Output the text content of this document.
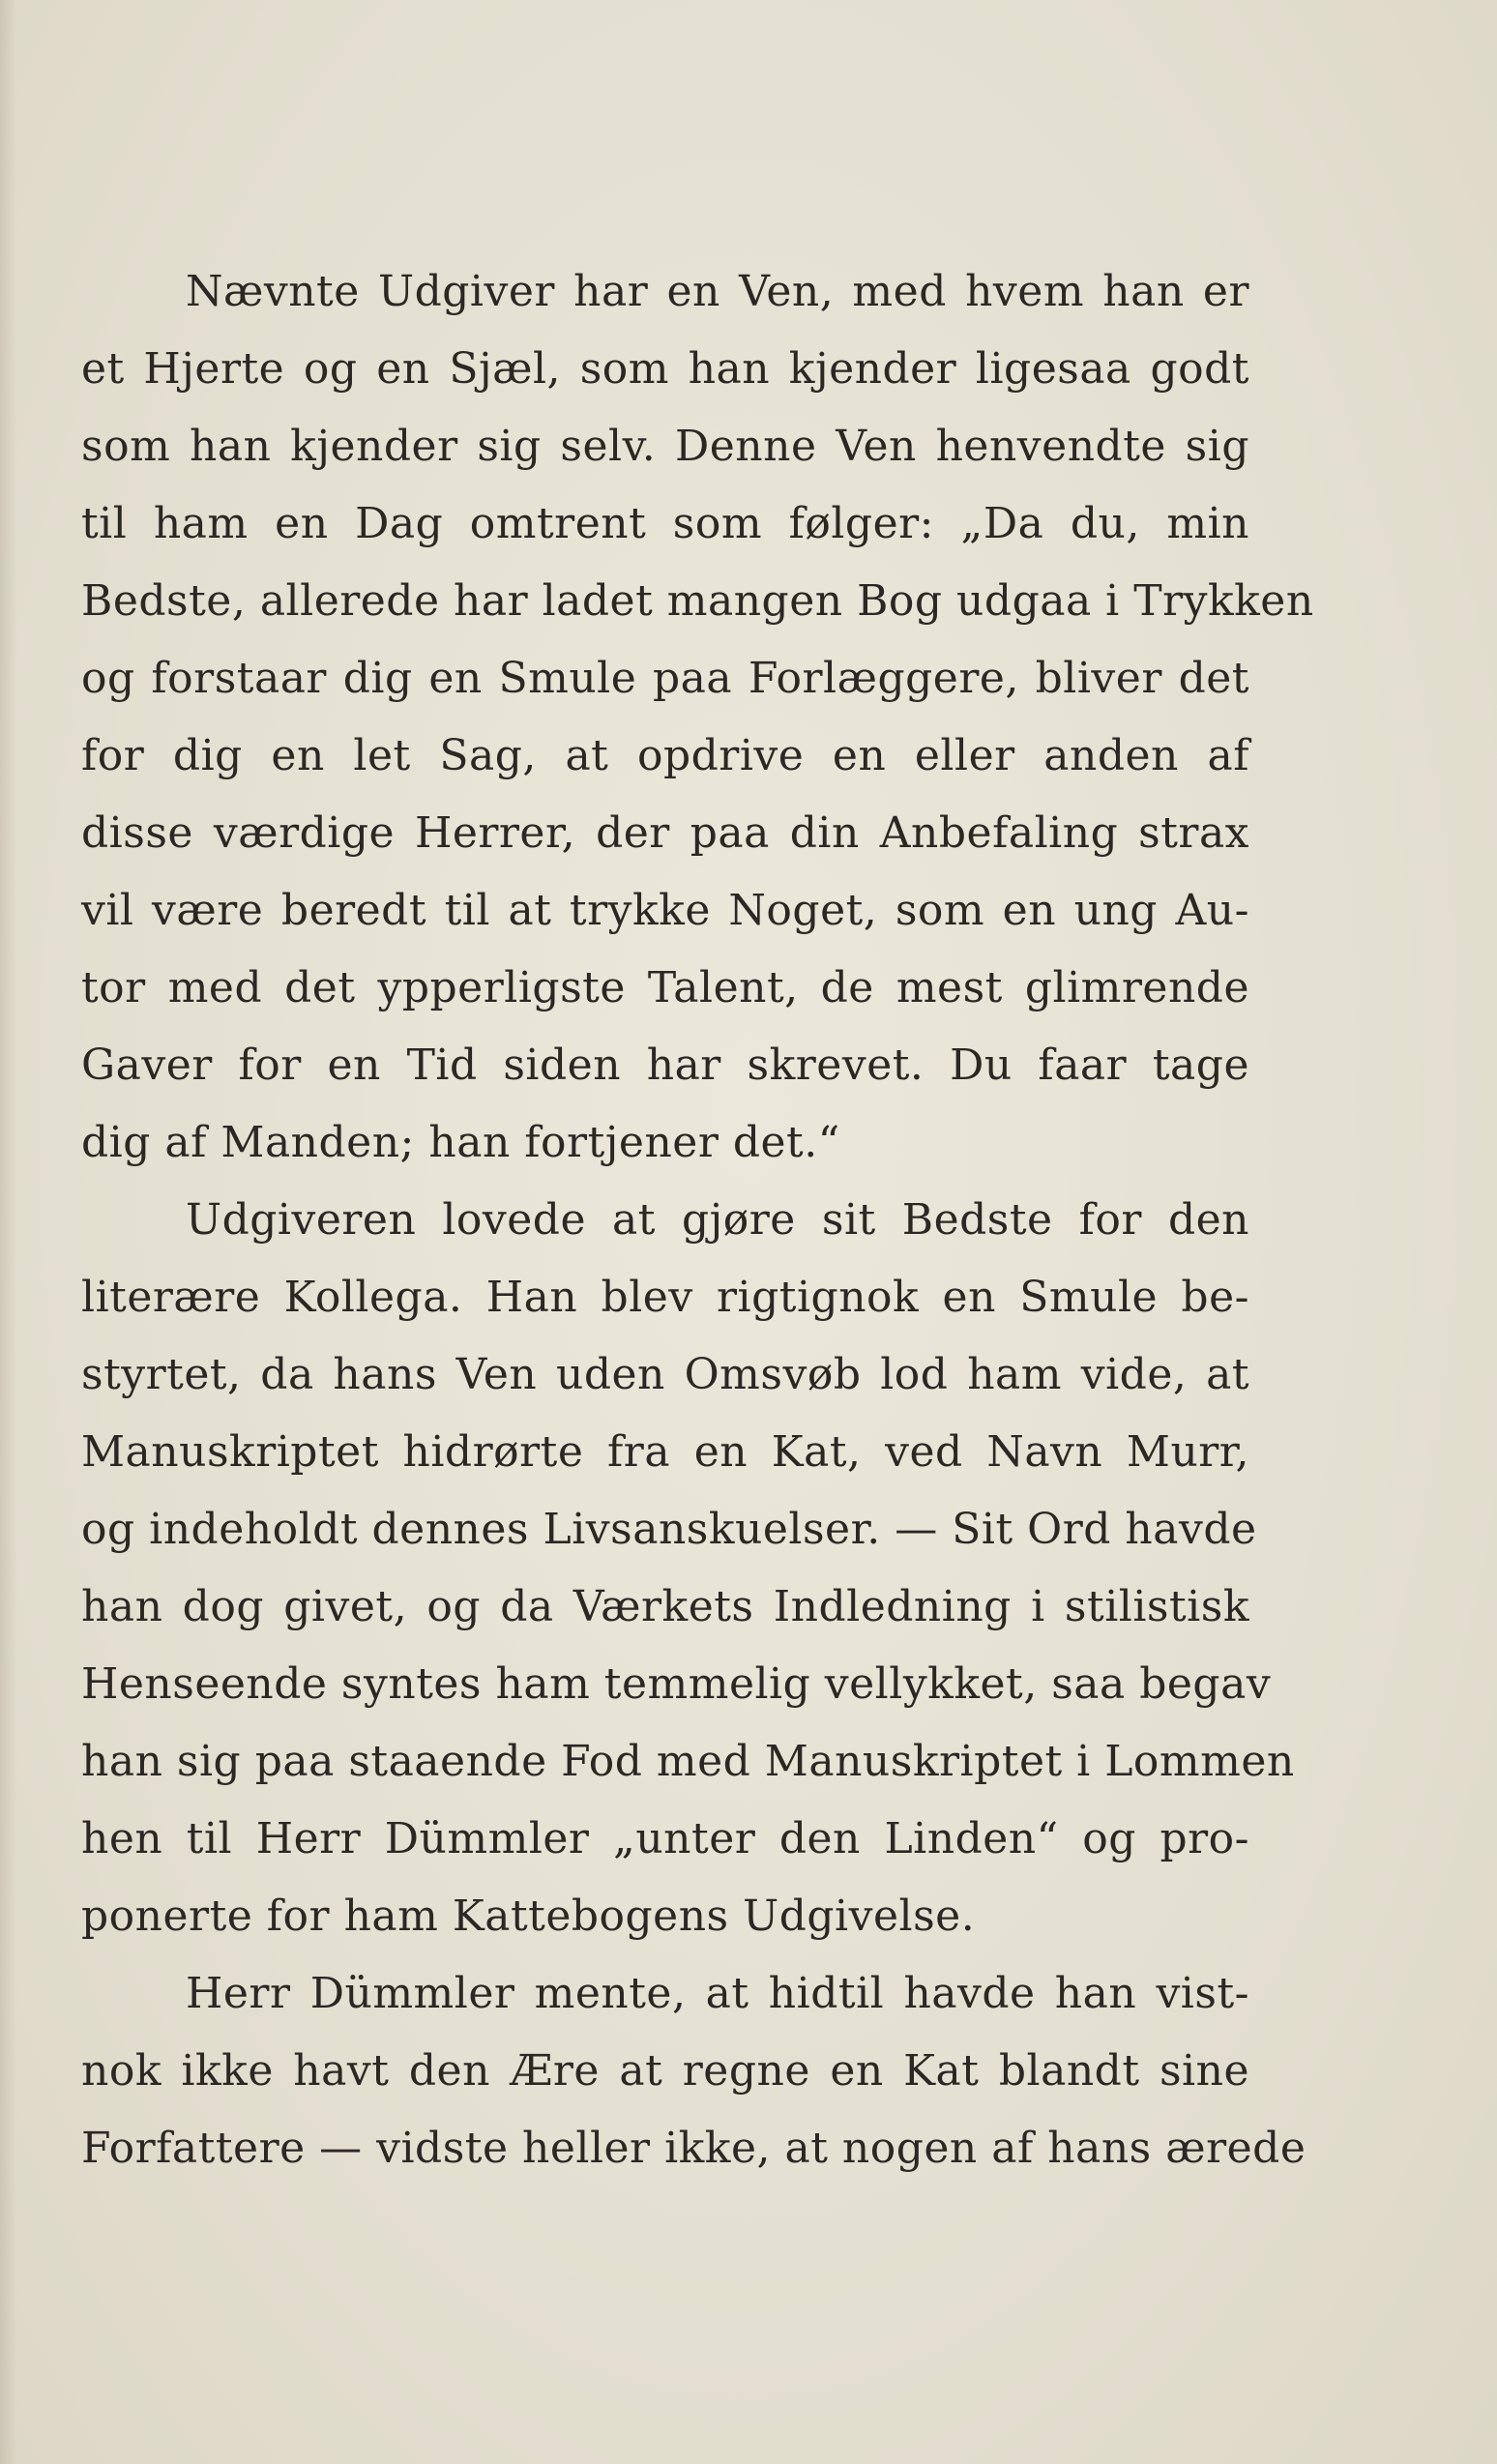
Nævnte Udgiver har en Ven, med hvem han er
et Hjerte og en Sjæl, som han kjender ligesaa godt
som han kjender sig selv. Denne Ven henvendte sig
til ham en Dag omtrent som følger: „Da du, min
Bedste, allerede har ladet mangen Bog udgaa i Trykken
og forstaar dig en Smule paa Forlæggere, bliver det
for dig en let Sag, at opdrive en eller anden af
disse værdige Herrer, der paa din Anbefaling strax
vil være beredt til at trykke Noget, som en ung Au-
tor med det ypperligste Talent, de mest glimrende
Gaver for en Tid siden har skrevet. Du faar tage
dig af Manden; han fortjener det.“
Udgiveren lovede at gjøre sit Bedste for den
literære Kollega. Han blev rigtignok en Smule be-
styrtet, da hans Ven uden Omsvøb lod ham vide, at
Manuskriptet hidrørte fra en Kat, ved Navn Murr,
og indeholdt dennes Livsanskuelser. — Sit Ord havde
han dog givet, og da Værkets Indledning i stilistisk
Henseende syntes ham temmelig vellykket, saa begav
han sig paa staaende Fod med Manuskriptet i Lommen
hen til Herr Dümmler „unter den Linden“ og pro-
ponerte for ham Kattebogens Udgivelse.
Herr Dümmler mente, at hidtil havde han vist-
nok ikke havt den Ære at regne en Kat blandt sine
Forfattere — vidste heller ikke, at nogen af hans ærede
